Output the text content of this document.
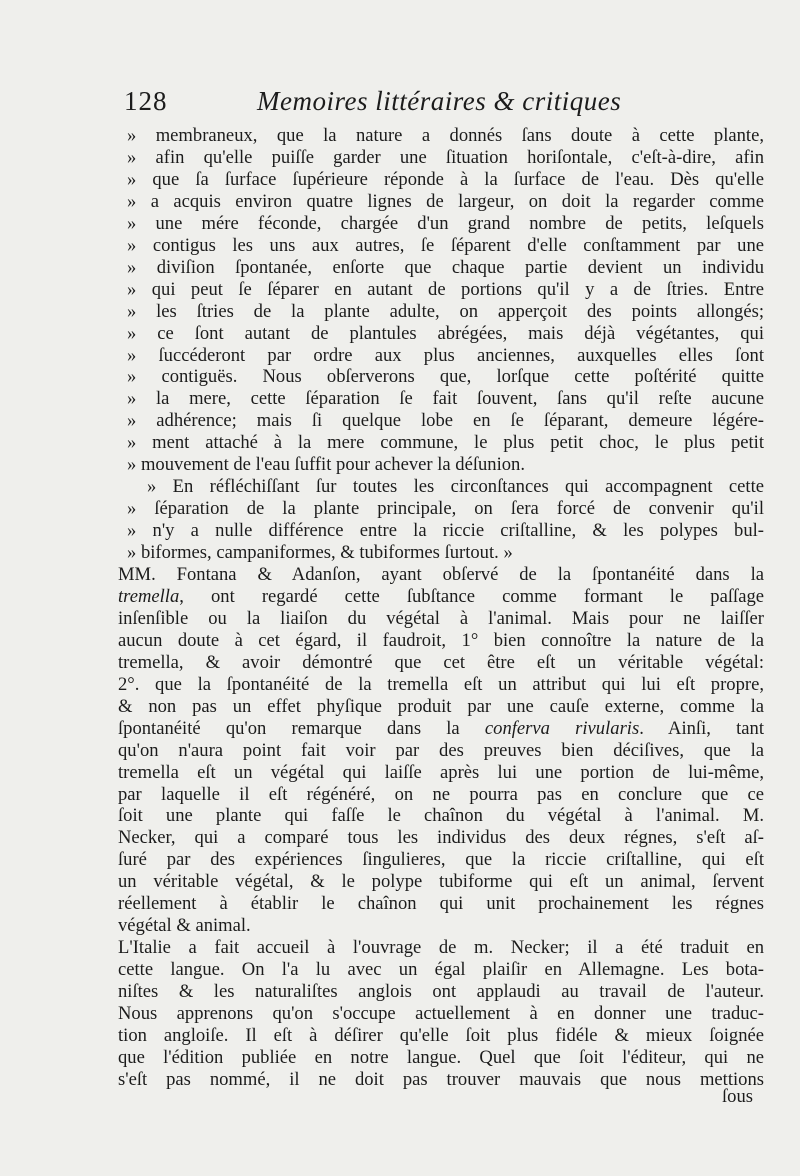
128	Memoires littéraires & critiques
» membraneux, que la nature a donnés ſans doute à cette plante,
» afin qu'elle puiſſe garder une ſituation horiſontale, c'eſt-à-dire, afin
» que ſa ſurface ſupérieure réponde à la ſurface de l'eau. Dès qu'elle
» a acquis environ quatre lignes de largeur, on doit la regarder comme
» une mére féconde, chargée d'un grand nombre de petits, leſquels
» contigus les uns aux autres, ſe ſéparent d'elle conſtamment par une
» diviſion ſpontanée, enſorte que chaque partie devient un individu
» qui peut ſe ſéparer en autant de portions qu'il y a de ſtries. Entre
» les ſtries de la plante adulte, on apperçoit des points allongés;
» ce ſont autant de plantules abrégées, mais déjà végétantes, qui
» ſuccéderont par ordre aux plus anciennes, auxquelles elles ſont
» contiguës. Nous obſerverons que, lorſque cette poſtérité quitte
» la mere, cette ſéparation ſe fait ſouvent, ſans qu'il reſte aucune
» adhérence; mais ſi quelque lobe en ſe ſéparant, demeure légére-
» ment attaché à la mere commune, le plus petit choc, le plus petit
» mouvement de l'eau ſuffit pour achever la déſunion.
» En réfléchiſſant ſur toutes les circonſtances qui accompagnent cette
» ſéparation de la plante principale, on ſera forcé de convenir qu'il
» n'y a nulle différence entre la riccie criſtalline, & les polypes bul-
» biformes, campaniformes, & tubiformes ſurtout. »
MM. Fontana & Adanſon, ayant obſervé de la ſpontanéité dans la
tremella, ont regardé cette ſubſtance comme formant le paſſage
inſenſible ou la liaiſon du végétal à l'animal. Mais pour ne laiſſer
aucun doute à cet égard, il faudroit, 1° bien connoître la nature de la
tremella, & avoir démontré que cet être eſt un véritable végétal:
2°. que la ſpontanéité de la tremella eſt un attribut qui lui eſt propre,
& non pas un effet phyſique produit par une cauſe externe, comme la
ſpontanéité qu'on remarque dans la conferva rivularis. Ainſi, tant
qu'on n'aura point fait voir par des preuves bien déciſives, que la
tremella eſt un végétal qui laiſſe après lui une portion de lui-même,
par laquelle il eſt régénéré, on ne pourra pas en conclure que ce
ſoit une plante qui faſſe le chaînon du végétal à l'animal. M.
Necker, qui a comparé tous les individus des deux régnes, s'eſt aſ-
ſuré par des expériences ſingulieres, que la riccie criſtalline, qui eſt
un véritable végétal, & le polype tubiforme qui eſt un animal, ſervent
réellement à établir le chaînon qui unit prochainement les régnes
végétal & animal.
L'Italie a fait accueil à l'ouvrage de m. Necker; il a été traduit en
cette langue. On l'a lu avec un égal plaiſir en Allemagne. Les bota-
niſtes & les naturaliſtes anglois ont applaudi au travail de l'auteur.
Nous apprenons qu'on s'occupe actuellement à en donner une traduc-
tion angloiſe. Il eſt à déſirer qu'elle ſoit plus fidéle & mieux ſoignée
que l'édition publiée en notre langue. Quel que ſoit l'éditeur, qui ne
s'eſt pas nommé, il ne doit pas trouver mauvais que nous mettions
ſous
